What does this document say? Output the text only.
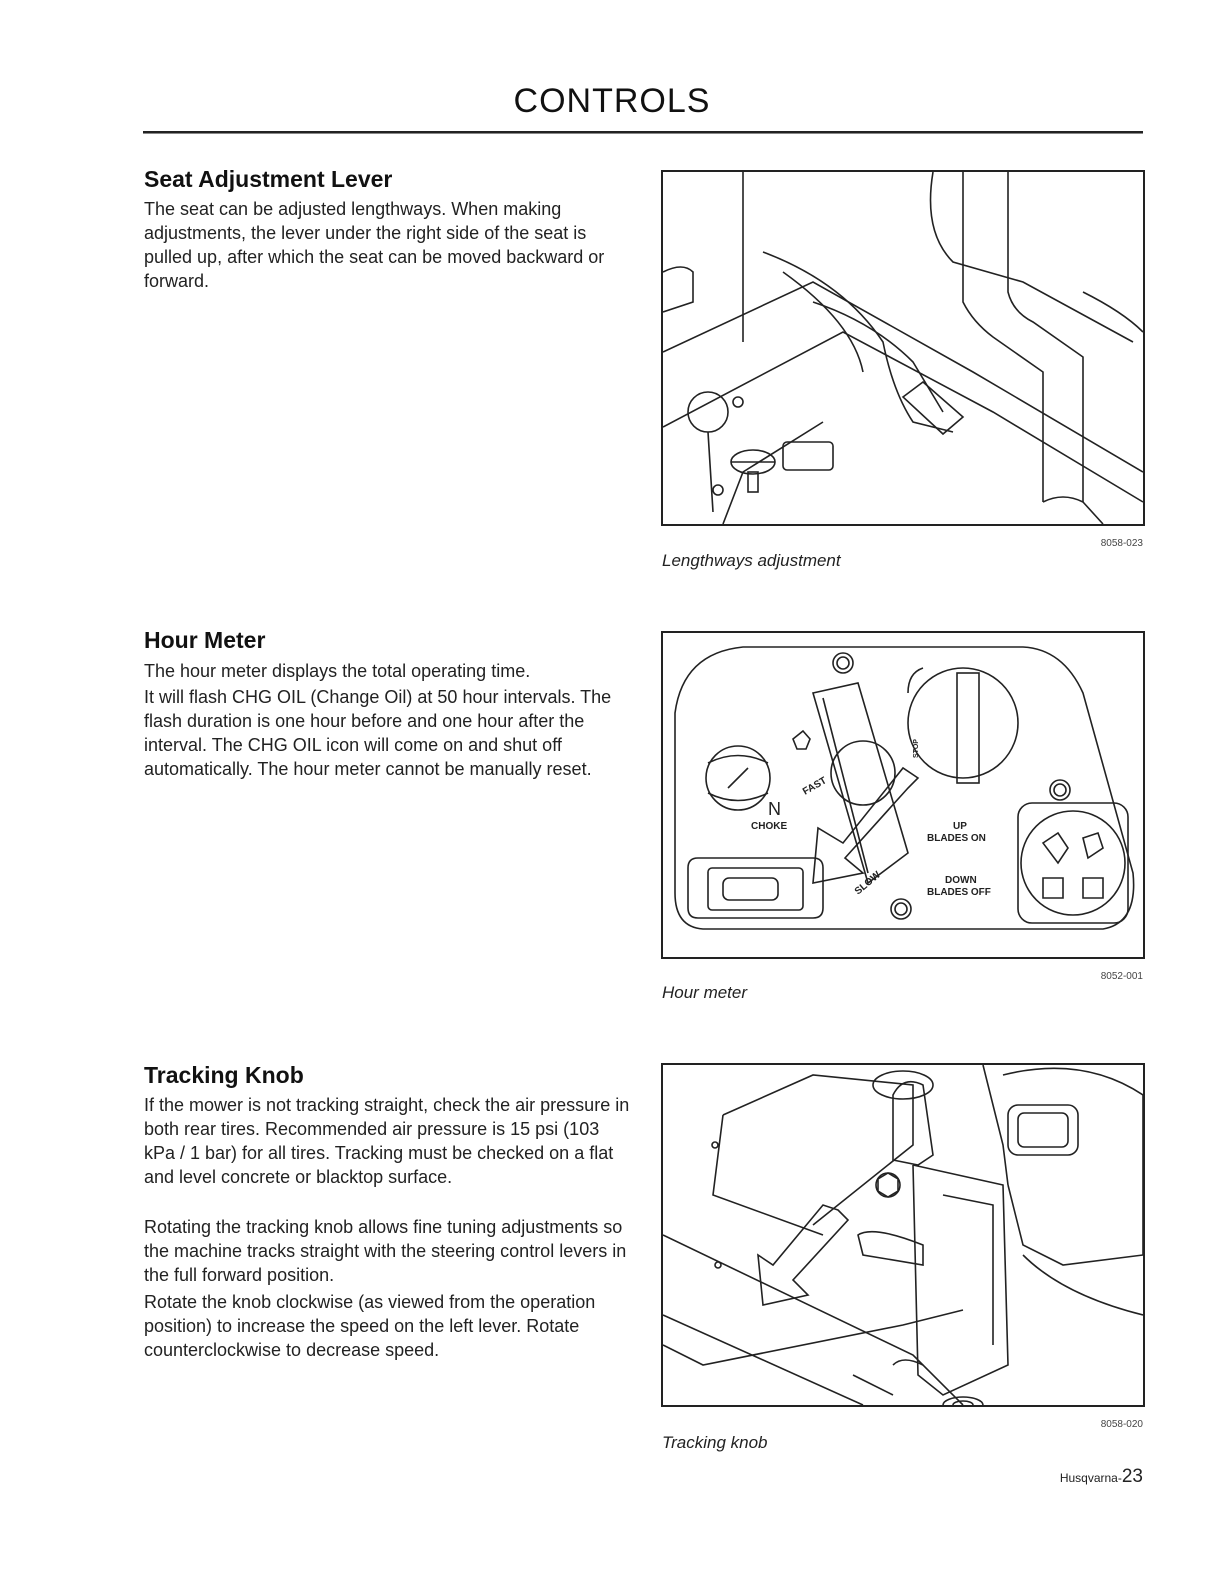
CONTROLS
Seat Adjustment Lever

The seat can be adjusted lengthways. When making adjustments, the lever under the right side of the seat is pulled up, after which the seat can be moved backward or forward.

8058-023
Lengthways adjustment
Hour Meter

The hour meter displays the total operating time.

It will flash CHG OIL (Change Oil) at 50 hour intervals. The flash duration is one hour before and one hour after the interval. The CHG OIL icon will come on and shut off automatically. The hour meter cannot be manually reset.

FAST
SLOW
CHOKE
N
UP
BLADES ON
DOWN
BLADES OFF
STOP
8052-001
Hour meter
Tracking Knob

If the mower is not tracking straight, check the air pressure in both rear tires. Recommended air pressure is 15 psi (103 kPa / 1 bar) for all tires. Tracking must be checked on a flat and level concrete or blacktop surface.

Rotating the tracking knob allows fine tuning adjustments so the machine tracks straight with the steering control levers in the full forward position.

Rotate the knob clockwise (as viewed from the operation position) to increase the speed on the left lever. Rotate counterclockwise to decrease speed.

8058-020
Tracking knob
Husqvarna-23
